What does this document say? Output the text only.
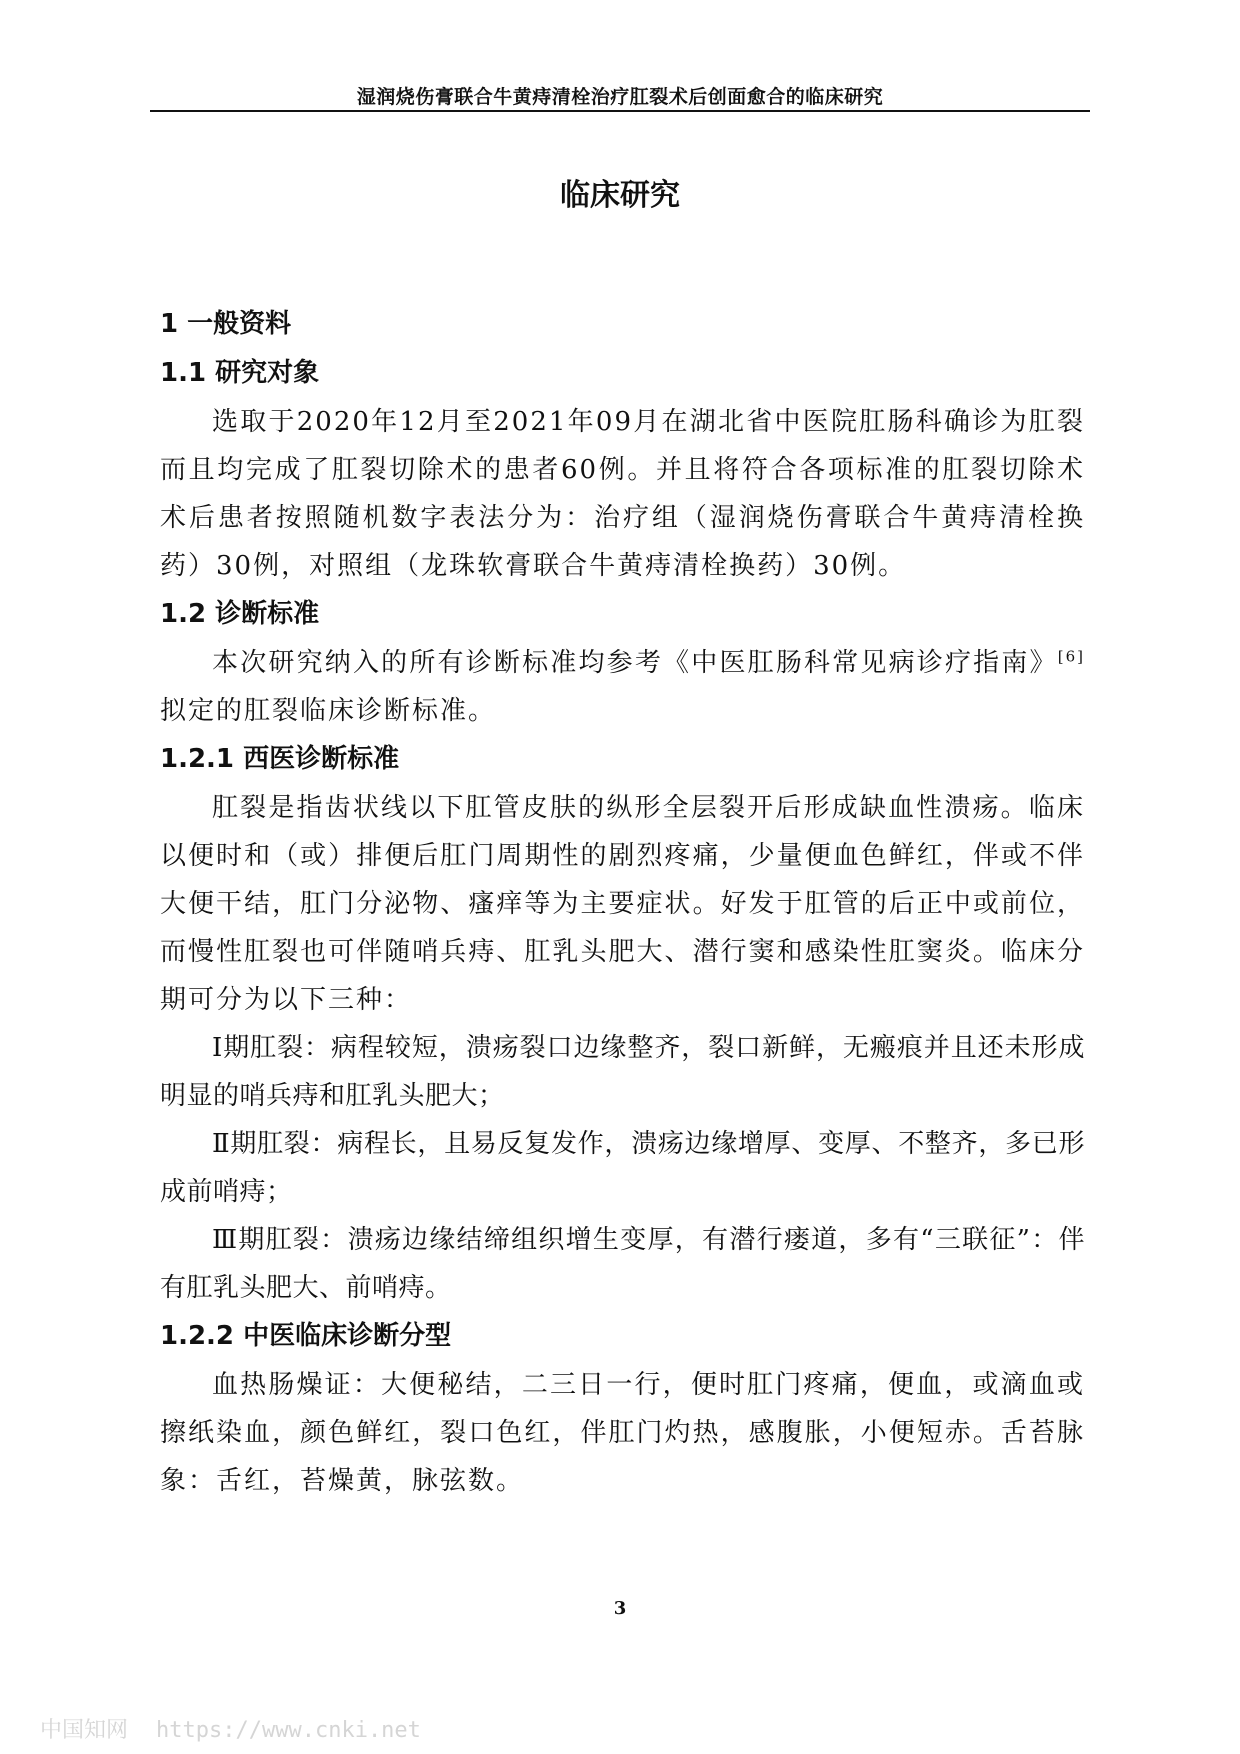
湿润烧伤膏联合牛黄痔清栓治疗肛裂术后创面愈合的临床研究
临床研究
1 一般资料
1.1 研究对象

选取于2020年12月至2021年09月在湖北省中医院肛肠科确诊为肛裂而且均完成了肛裂切除术的患者60例。并且将符合各项标准的肛裂切除术术后患者按照随机数字表法分为：治疗组（湿润烧伤膏联合牛黄痔清栓换药）30例，对照组（龙珠软膏联合牛黄痔清栓换药）30例。

1.2 诊断标准

本次研究纳入的所有诊断标准均参考《中医肛肠科常见病诊疗指南》[6]拟定的肛裂临床诊断标准。

1.2.1 西医诊断标准

肛裂是指齿状线以下肛管皮肤的纵形全层裂开后形成缺血性溃疡。临床以便时和（或）排便后肛门周期性的剧烈疼痛，少量便血色鲜红，伴或不伴大便干结，肛门分泌物、瘙痒等为主要症状。好发于肛管的后正中或前位，而慢性肛裂也可伴随哨兵痔、肛乳头肥大、潜行窦和感染性肛窦炎。临床分期可分为以下三种：

Ⅰ期肛裂：病程较短，溃疡裂口边缘整齐，裂口新鲜，无瘢痕并且还未形成明显的哨兵痔和肛乳头肥大；

Ⅱ期肛裂：病程长，且易反复发作，溃疡边缘增厚、变厚、不整齐，多已形成前哨痔；

Ⅲ期肛裂：溃疡边缘结缔组织增生变厚，有潜行瘘道，多有“三联征”：伴有肛乳头肥大、前哨痔。

1.2.2 中医临床诊断分型

血热肠燥证：大便秘结，二三日一行，便时肛门疼痛，便血，或滴血或擦纸染血，颜色鲜红，裂口色红，伴肛门灼热，感腹胀，小便短赤。舌苔脉象：舌红，苔燥黄，脉弦数。

3
中国知网 https://www.cnki.net
